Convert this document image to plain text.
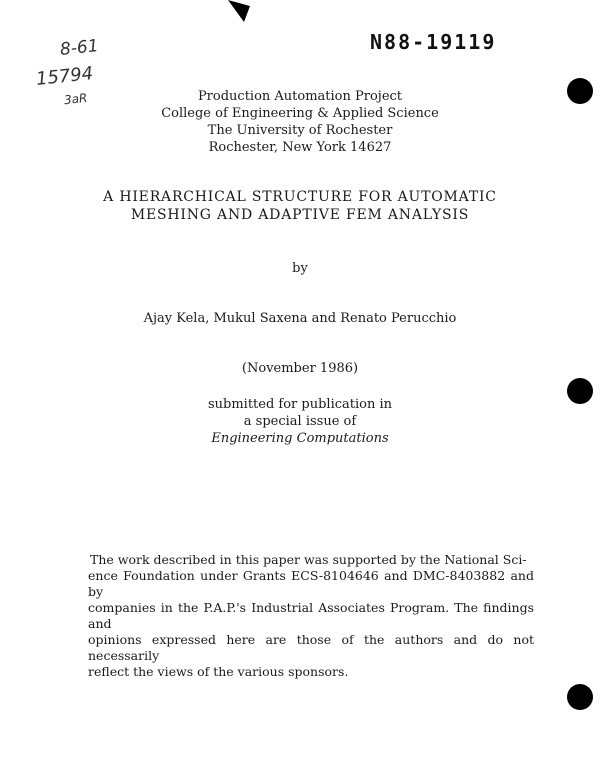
8-61
15794
3aR
N88-19119
Production Automation Project
College of Engineering & Applied Science
The University of Rochester
Rochester, New York 14627
A HIERARCHICAL STRUCTURE FOR AUTOMATIC
MESHING AND ADAPTIVE FEM ANALYSIS
by
Ajay Kela, Mukul Saxena and Renato Perucchio
(November 1986)
submitted for publication in
a special issue of
Engineering Computations
The work described in this paper was supported by the National Sci-
ence Foundation under Grants ECS-8104646 and DMC-8403882 and by
companies in the P.A.P.'s Industrial Associates Program. The findings and
opinions expressed here are those of the authors and do not necessarily
reflect the views of the various sponsors.
